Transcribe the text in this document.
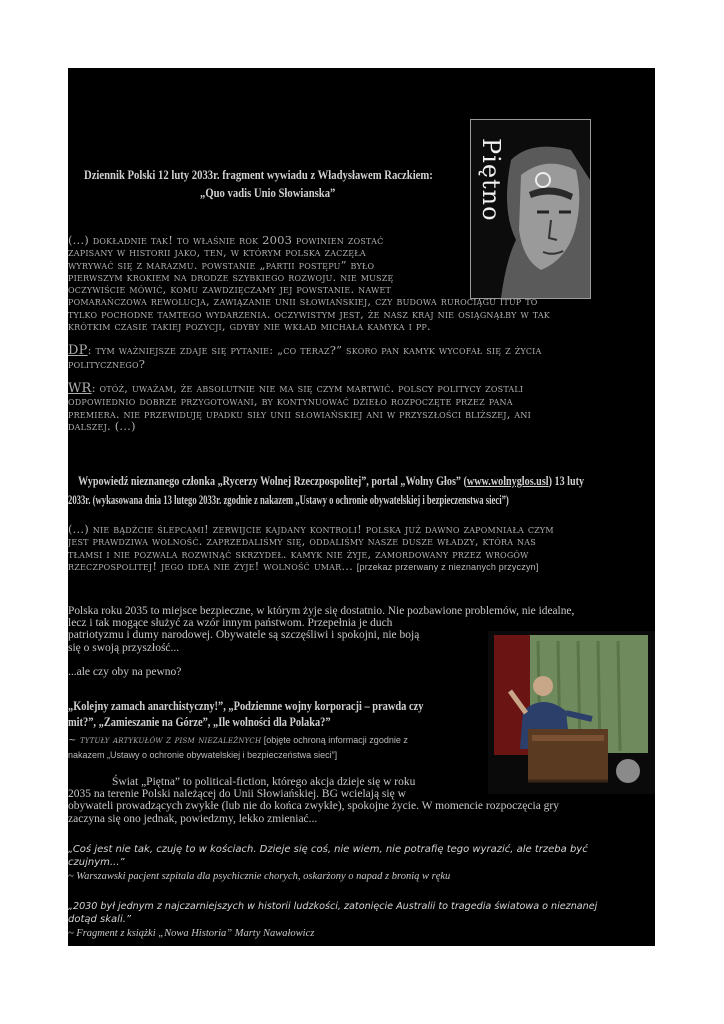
Piętno
Dziennik Polski 12 luty 2033r. fragment wywiadu z Władysławem Raczkiem:
„Quo vadis Unio Słowianska”
(...) dokładnie tak! to właśnie rok 2003 powinien zostać
zapisany w historii jako, ten, w którym polska zaczęła
wyrywać się z marazmu. powstanie „partii postępu” było
pierwszym krokiem na drodze szybkiego rozwoju. nie muszę
oczywiście mówić, komu zawdzięczamy jej powstanie. nawet
pomarańczowa rewolucja, zawiązanie unii słowiańskiej, czy budowa rurociągu itup to
tylko pochodne tamtego wydarzenia. oczywistym jest, że nasz kraj nie osiągnąłby w tak
krótkim czasie takiej pozycji, gdyby nie wkład michała kamyka i pp.
DP: tym ważniejsze zdaje się pytanie: „co teraz?” skoro pan kamyk wycofał się z życia
politycznego?
WR: otóż, uważam, że absolutnie nie ma się czym martwić. polscy politycy zostali
odpowiednio dobrze przygotowani, by kontynuować dzieło rozpoczęte przez pana
premiera. nie przewiduję upadku siły unii słowiańskiej ani w przyszłości bliższej, ani
dalszej. (...)
Wypowiedź nieznanego członka „Rycerzy Wolnej Rzeczpospolitej”, portal „Wolny Głos” (www.wolnyglos.usl) 13 luty
2033r. (wykasowana dnia 13 lutego 2033r. zgodnie z nakazem „Ustawy o ochronie obywatelskiej i bezpieczenstwa sieci”)
(...) nie bądźcie ślepcami! zerwijcie kajdany kontroli! polska już dawno zapomniała czym
jest prawdziwa wolność. zaprzedaliśmy się, oddaliśmy nasze dusze władzy, która nas
tłamsi i nie pozwala rozwinąć skrzydeł. kamyk nie żyje, zamordowany przez wrogów
rzeczpospolitej! jego idea nie żyje! wolność umar... [przekaz przerwany z nieznanych przyczyn]
Polska roku 2035 to miejsce bezpieczne, w którym żyje się dostatnio. Nie pozbawione problemów, nie idealne,
lecz i tak mogące służyć za wzór innym państwom. Przepełnia je duch
patriotyzmu i dumy narodowej. Obywatele są szczęśliwi i spokojni, nie boją
się o swoją przyszłość...
...ale czy oby na pewno?
„Kolejny zamach anarchistyczny!”, „Podziemne wojny korporacji – prawda czy
mit?”, „Zamieszanie na Górze”, „Ile wolności dla Polaka?”
~ tytuły artykułów z pism niezależnych [objęte ochroną informacji zgodnie z
nakazem „Ustawy o ochronie obywatelskiej i bezpieczeństwa sieci”]
Świat „Piętna” to political-fiction, którego akcja dzieje się w roku
2035 na terenie Polski należącej do Unii Słowiańskiej. BG wcielają się w
obywateli prowadzących zwykłe (lub nie do końca zwykłe), spokojne życie. W momencie rozpoczęcia gry
zaczyna się ono jednak, powiedzmy, lekko zmieniać...
„Coś jest nie tak, czuję to w kościach. Dzieje się coś, nie wiem, nie potrafię tego wyrazić, ale trzeba być
czujnym...”
~ Warszawski pacjent szpitala dla psychicznie chorych, oskarżony o napad z bronią w ręku
„2030 był jednym z najczarniejszych w historii ludzkości, zatonięcie Australii to tragedia światowa o nieznanej
dotąd skali.”
~ Fragment z książki „Nowa Historia” Marty Nawałowicz
